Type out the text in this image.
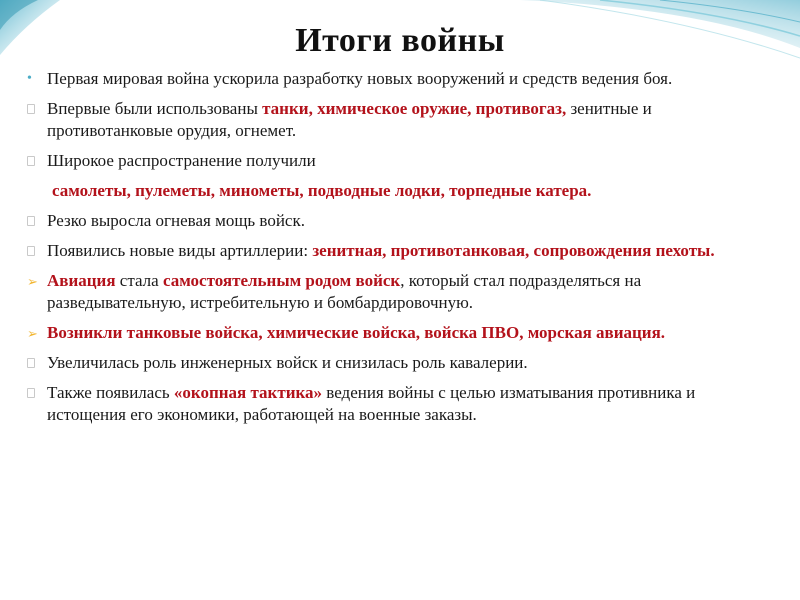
Итоги войны
• Первая мировая война ускорила разработку новых вооружений и средств ведения боя.
Впервые были использованы танки, химическое оружие, противогаз, зенитные и противотанковые орудия, огнемет.
Широкое распространение получили
самолеты, пулеметы, минометы, подводные лодки, торпедные катера.
Резко выросла огневая мощь войск.
Появились новые виды артиллерии: зенитная, противотанковая, сопровождения пехоты.
➢ Авиация стала самостоятельным родом войск, который стал подразделяться на разведывательную, истребительную и бомбардировочную.
➢ Возникли танковые войска, химические войска, войска ПВО, морская авиация.
Увеличилась роль инженерных войск и снизилась роль кавалерии.
Также появилась «окопная тактика» ведения войны с целью изматывания противника и истощения его экономики, работающей на военные заказы.
